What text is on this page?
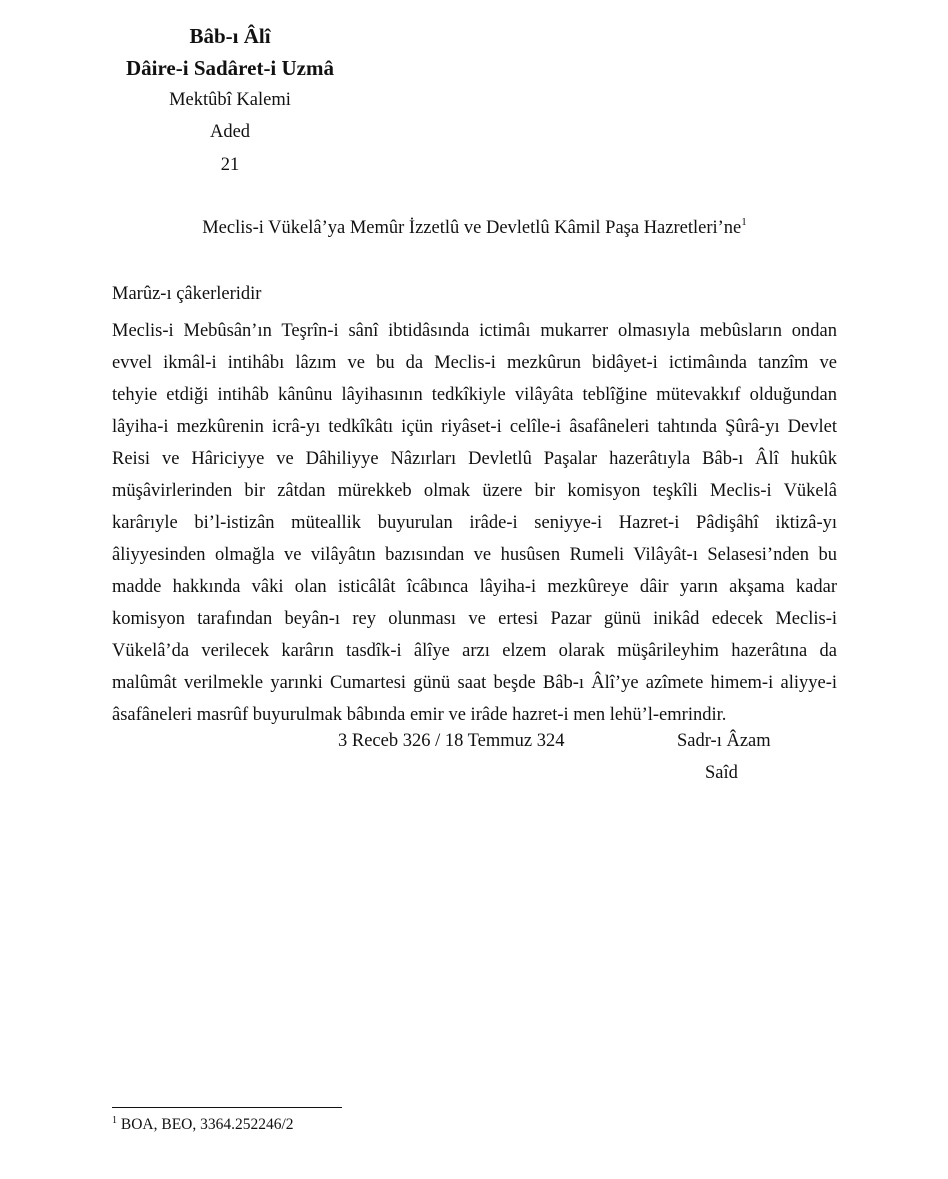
Bâb-ı Âlî
Dâire-i Sadâret-i Uzmâ
Mektûbî Kalemi
Aded
21
Meclis-i Vükelâ’ya Memûr İzzetlû ve Devletlû Kâmil Paşa $Hazretleri’ne^1$
Marûz-ı çâkerleridir
Meclis-i Mebûsân’ın Teşrîn-i sânî ibtidâsında ictimâı mukarrer olmasıyla mebûsların ondan
evvel ikmâl-i intihâbı lâzım ve bu da Meclis-i mezkûrun bidâyet-i ictimâında tanzîm ve
tehyie etdiği intihâb kânûnu lâyihasının tedkîkiyle vilâyâta teblîğine mütevakkıf olduğundan
lâyiha-i mezkûrenin icrâ-yı tedkîkâtı içün riyâset-i celîle-i âsafâneleri tahtında Şûrâ-yı Devlet
Reisi ve Hâriciyye ve Dâhiliyye Nâzırları Devletlû Paşalar hazerâtıyla Bâb-ı Âlî hukûk
müşâvirlerinden bir zâtdan mürekkeb olmak üzere bir komisyon teşkîli Meclis-i Vükelâ
karârıyle bi’l-istizân müteallik buyurulan irâde-i seniyye-i Hazret-i Pâdişâhî iktizâ-yı
âliyyesinden olmağla ve vilâyâtın bazısından ve husûsen Rumeli Vilâyât-ı Selasesi’nden bu
madde hakkında vâki olan isticâlât îcâbınca lâyiha-i mezkûreye dâir yarın akşama kadar
komisyon tarafından beyân-ı rey olunması ve ertesi Pazar günü inikâd edecek Meclis-i
Vükelâ’da verilecek karârın tasdîk-i âlîye arzı elzem olarak müşârileyhim hazerâtına da
malûmât verilmekle yarınki Cumartesi günü saat beşde Bâb-ı Âlî’ye azîmete himem-i aliyye-i
âsafâneleri masrûf buyurulmak bâbında emir ve irâde hazret-i men lehü’l-emrindir.
3 Receb 326 / 18 Temmuz 324	Sadr-ı Âzam
Saîd
$^1$ BOA, BEO, 3364.252246/2
